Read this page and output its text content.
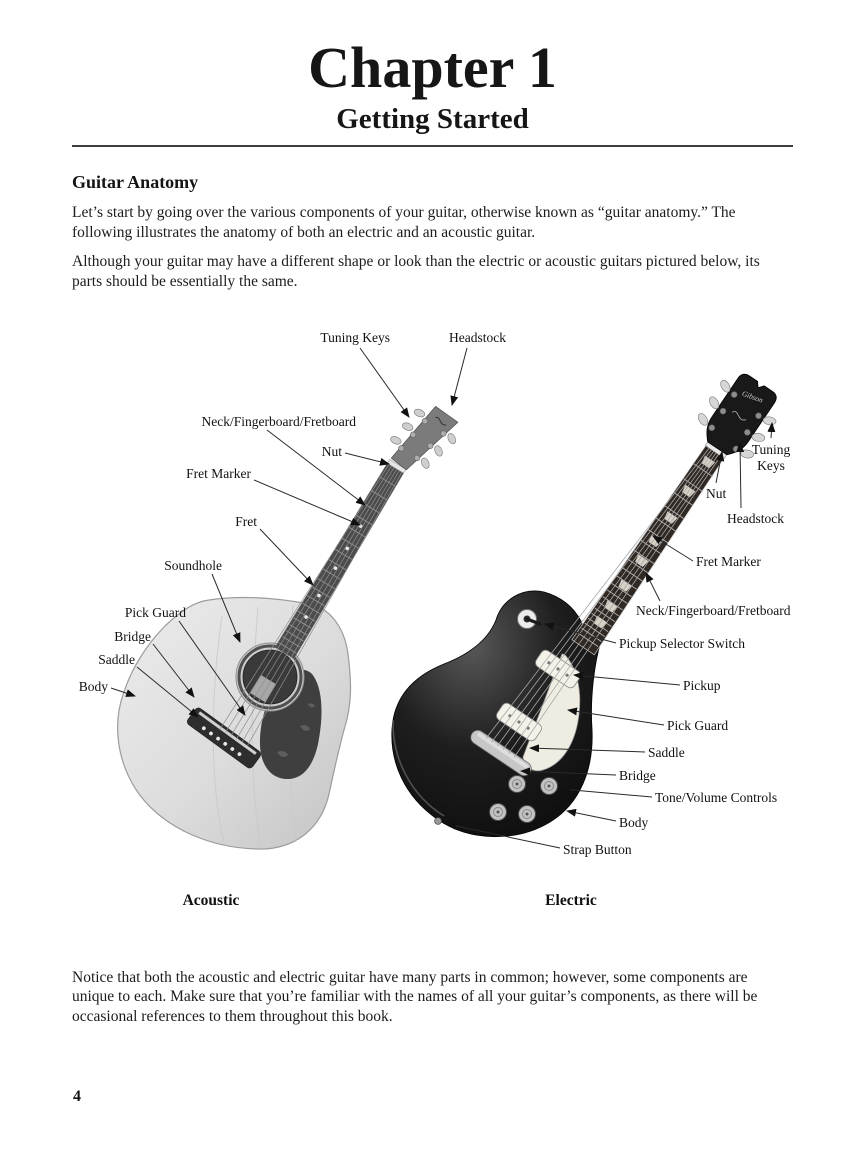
Chapter 1
Getting Started
Guitar Anatomy

Let’s start by going over the various components of your guitar, otherwise known as “guitar anatomy.” The following illustrates the anatomy of both an electric and an acoustic guitar.

Although your guitar may have a different shape or look than the electric or acoustic guitars pictured below, its parts should be essentially the same.

Gibson
Tuning Keys	Headstock
Neck/Fingerboard/Fretboard
Nut
Fret Marker
Fret
Soundhole
Pick Guard
Bridge
Saddle
Body
Tuning Keys
Nut
Headstock
Fret Marker
Neck/Fingerboard/Fretboard
Pickup Selector Switch
Pickup
Pick Guard
Saddle
Bridge
Tone/Volume Controls
Body
Strap Button
Acoustic	Electric

Notice that both the acoustic and electric guitar have many parts in common; however, some components are unique to each. Make sure that you’re familiar with the names of all your guitar’s components, as there will be occasional references to them throughout this book.

4
